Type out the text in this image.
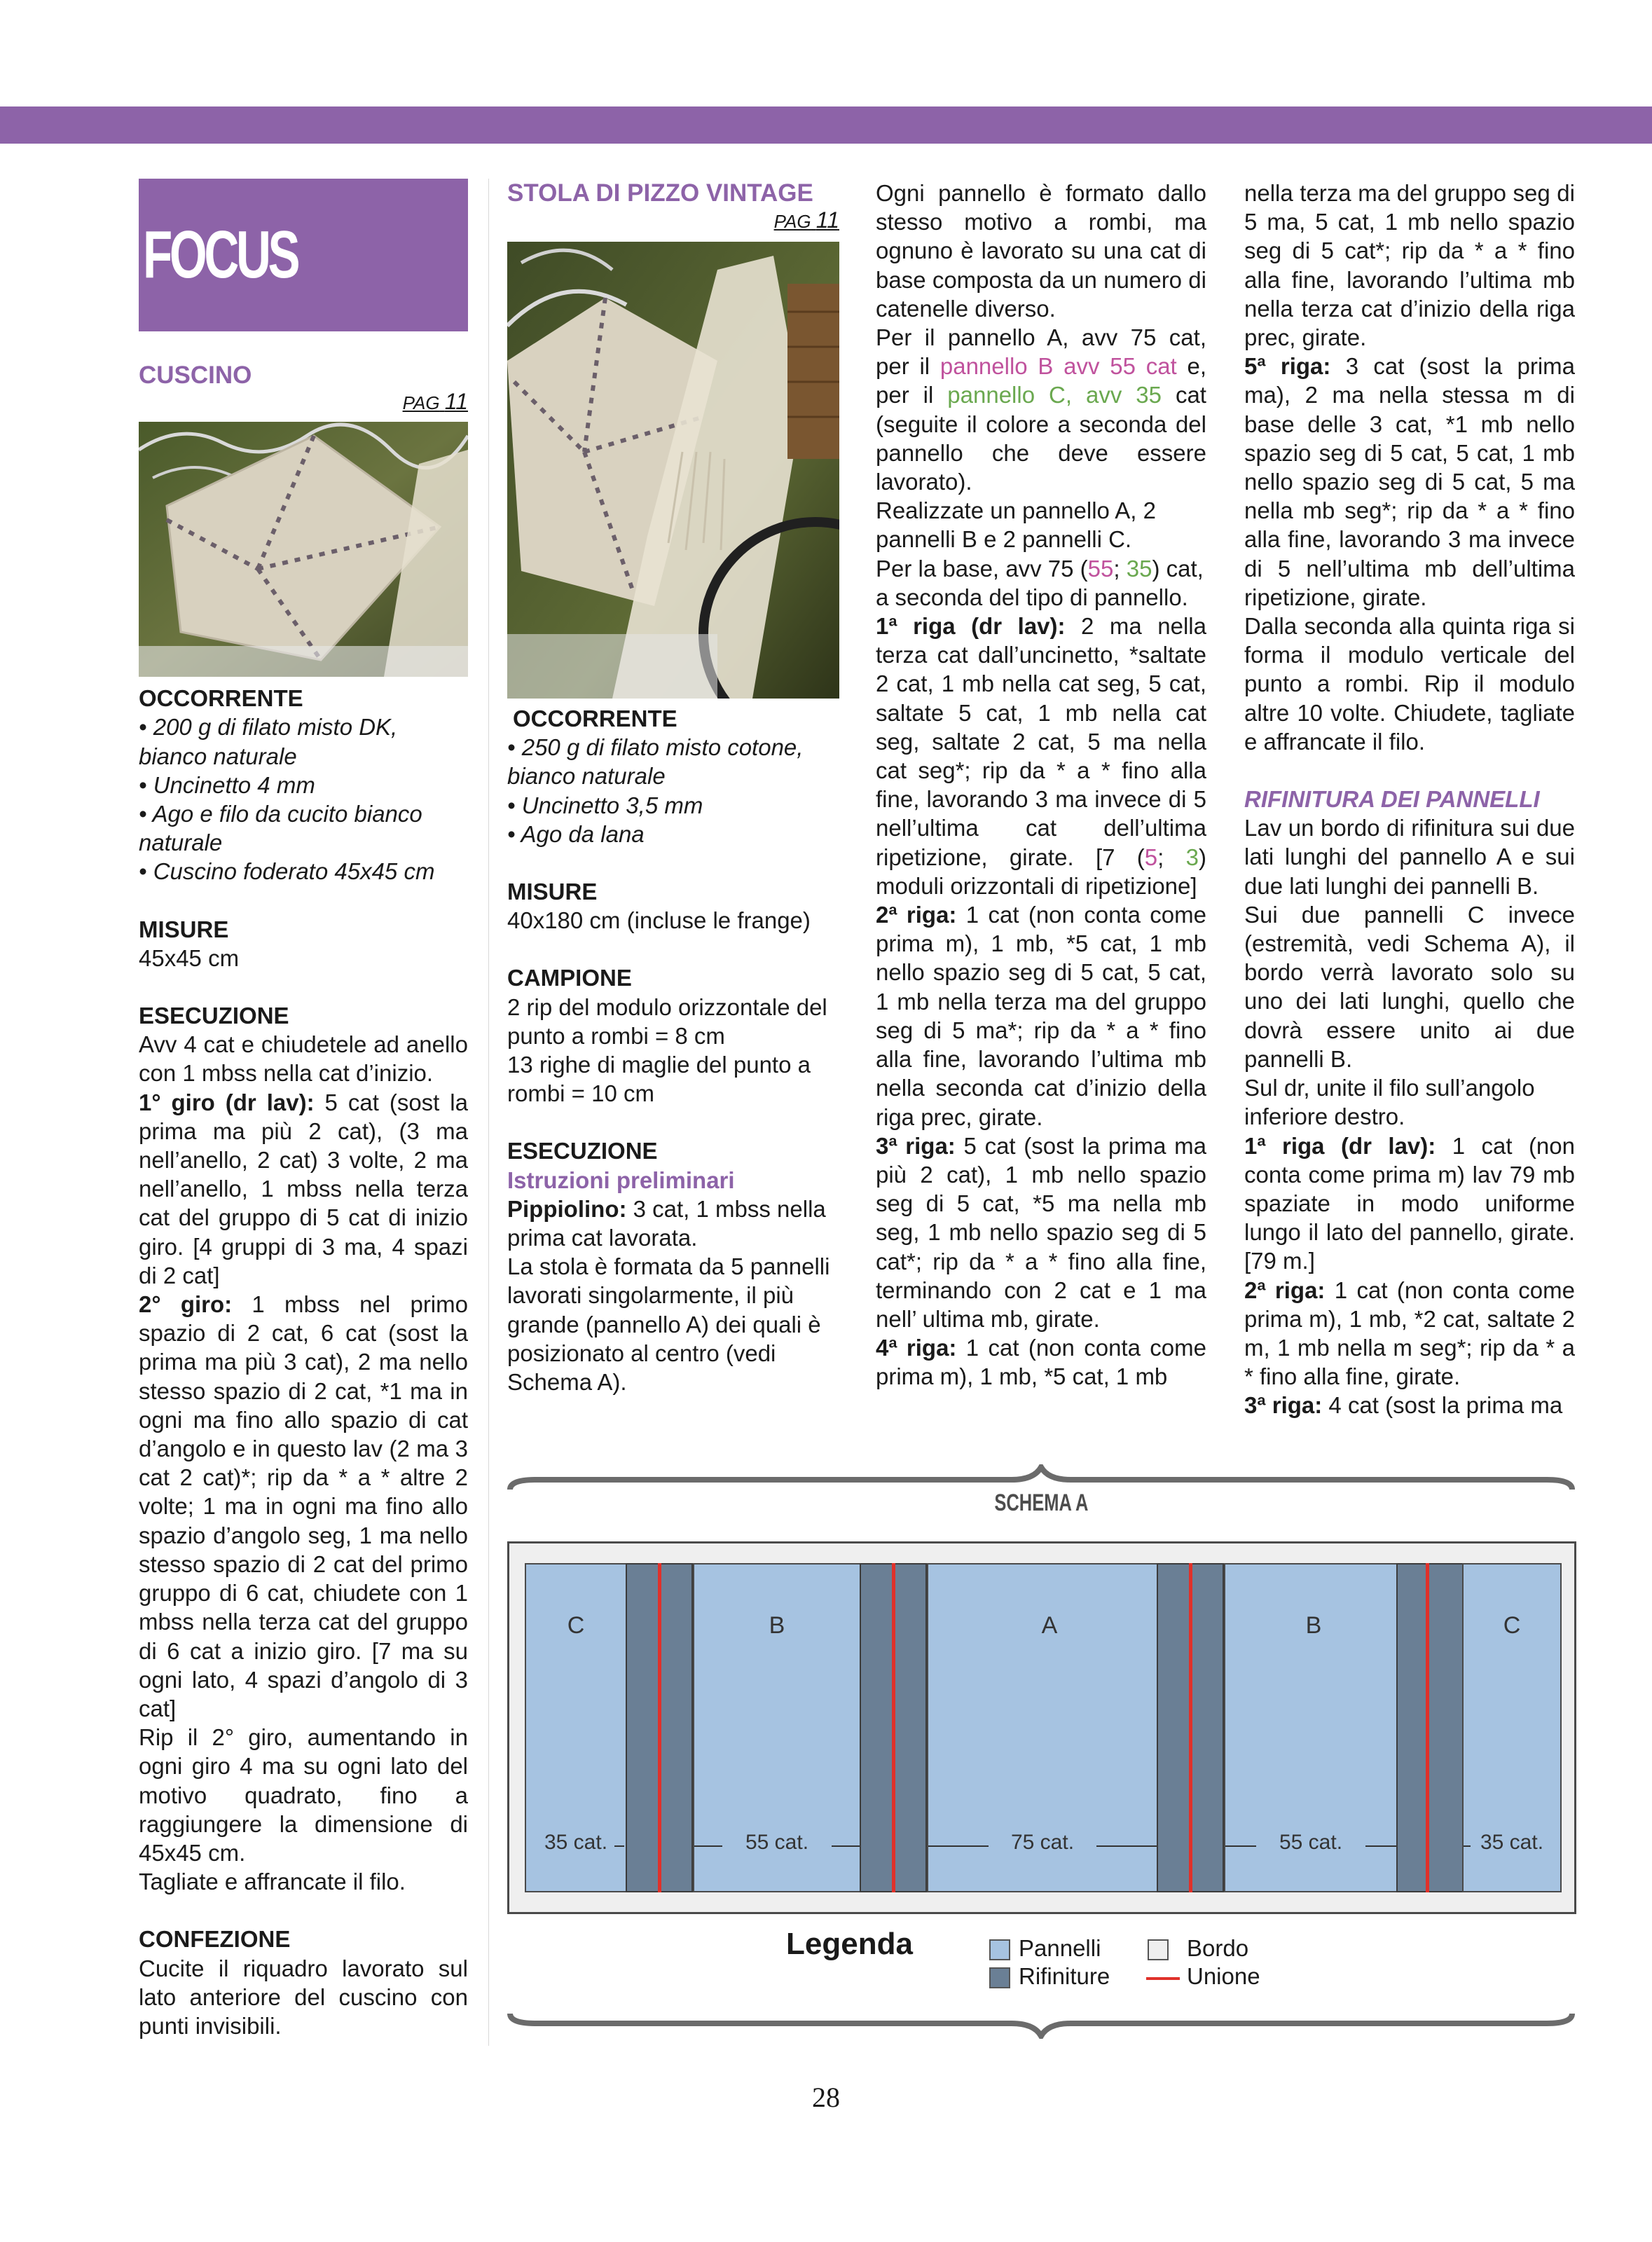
FOCUS

CUSCINO

PAG 11

OCCORRENTE

• 200 g di filato misto DK, bianco naturale

• Uncinetto 4 mm

• Ago e filo da cucito bianco naturale

• Cuscino foderato 45x45 cm

MISURE

45x45 cm

ESECUZIONE

Avv 4 cat e chiudetele ad anello con 1 mbss nella cat d’inizio.

1° giro (dr lav): 5 cat (sost la prima ma più 2 cat), (3 ma nell’anello, 2 cat) 3 volte, 2 ma nell’anello, 1 mbss nella terza cat del gruppo di 5 cat di inizio giro. [4 gruppi di 3 ma, 4 spazi di 2 cat]

2° giro: 1 mbss nel primo spazio di 2 cat, 6 cat (sost la prima ma più 3 cat), 2 ma nello stesso spazio di 2 cat, *1 ma in ogni ma fino allo spazio di cat d’angolo e in questo lav (2 ma 3 cat 2 cat)*; rip da * a * altre 2 volte; 1 ma in ogni ma fino allo spazio d’angolo seg, 1 ma nello stesso spazio di 2 cat del primo gruppo di 6 cat, chiudete con 1 mbss nella terza cat del gruppo di 6 cat a inizio giro. [7 ma su ogni lato, 4 spazi d’angolo di 3 cat]

Rip il 2° giro, aumentando in ogni giro 4 ma su ogni lato del motivo quadrato, fino a raggiungere la dimensione di 45x45 cm.

Tagliate e affrancate il filo.

CONFEZIONE

Cucite il riquadro lavorato sul lato anteriore del cuscino con punti invisibili.

STOLA DI PIZZO VINTAGE

PAG 11

OCCORRENTE

• 250 g di filato misto cotone, bianco naturale

• Uncinetto 3,5 mm

• Ago da lana

MISURE

40x180 cm (incluse le frange)

CAMPIONE

2 rip del modulo orizzontale del punto a rombi = 8 cm

13 righe di maglie del punto a rombi = 10 cm

ESECUZIONE

Istruzioni preliminari

Pippiolino: 3 cat, 1 mbss nella prima cat lavorata.

La stola è formata da 5 pannelli lavorati singolarmente, il più grande (pannello A) dei quali è posizionato al centro (vedi Schema A).

Ogni pannello è formato dallo stesso motivo a rombi, ma ognuno è lavorato su una cat di base composta da un numero di catenelle diverso.

Per il pannello A, avv 75 cat, per il pannello B avv 55 cat e, per il pannello C, avv 35 cat (seguite il colore a seconda del pannello che deve essere lavorato).

Realizzate un pannello A, 2 pannelli B e 2 pannelli C.

Per la base, avv 75 (55; 35) cat, a seconda del tipo di pannello.

1ª riga (dr lav): 2 ma nella terza cat dall’uncinetto, *saltate 2 cat, 1 mb nella cat seg, 5 cat, saltate 5 cat, 1 mb nella cat seg, saltate 2 cat, 5 ma nella cat seg*; rip da * a * fino alla fine, lavorando 3 ma invece di 5 nell’ultima cat dell’ultima ripetizione, girate. [7 (5; 3) moduli orizzontali di ripetizione]

2ª riga: 1 cat (non conta come prima m), 1 mb, *5 cat, 1 mb nello spazio seg di 5 cat, 5 cat, 1 mb nella terza ma del gruppo seg di 5 ma*; rip da * a * fino alla fine, lavorando l’ultima mb nella seconda cat d’inizio della riga prec, girate.

3ª riga: 5 cat (sost la prima ma più 2 cat), 1 mb nello spazio seg di 5 cat, *5 ma nella mb seg, 1 mb nello spazio seg di 5 cat*; rip da * a * fino alla fine, terminando con 2 cat e 1 ma nell’ ultima mb, girate.

4ª riga: 1 cat (non conta come prima m), 1 mb, *5 cat, 1 mb

nella terza ma del gruppo seg di 5 ma, 5 cat, 1 mb nello spazio seg di 5 cat*; rip da * a * fino alla fine, lavorando l’ultima mb nella terza cat d’inizio della riga prec, girate.

5ª riga: 3 cat (sost la prima ma), 2 ma nella stessa m di base delle 3 cat, *1 mb nello spazio seg di 5 cat, 5 cat, 1 mb nello spazio seg di 5 cat, 5 ma nella mb seg*; rip da * a * fino alla fine, lavorando 3 ma invece di 5 nell’ultima mb dell’ultima ripetizione, girate.

Dalla seconda alla quinta riga si forma il modulo verticale del punto a rombi. Rip il modulo altre 10 volte. Chiudete, tagliate e affrancate il filo.

RIFINITURA DEI PANNELLI

Lav un bordo di rifinitura sui due lati lunghi del pannello A e sui due lati lunghi dei pannelli B.

Sui due pannelli C invece (estremità, vedi Schema A), il bordo verrà lavorato solo su uno dei lati lunghi, quello che dovrà essere unito ai due pannelli B.

Sul dr, unite il filo sull’angolo inferiore destro.

1ª riga (dr lav): 1 cat (non conta come prima m) lav 79 mb spaziate in modo uniforme lungo il lato del pannello, girate. [79 m.]

2ª riga: 1 cat (non conta come prima m), 1 mb, *2 cat, saltate 2 m, 1 mb nella m seg*; rip da * a * fino alla fine, girate.

3ª riga: 4 cat (sost la prima ma

SCHEMA A
C	B	A	B	C
35 cat.	55 cat.	75 cat.	55 cat.	35 cat.
Legenda	Pannelli
Rifiniture
Bordo
Unione
28
